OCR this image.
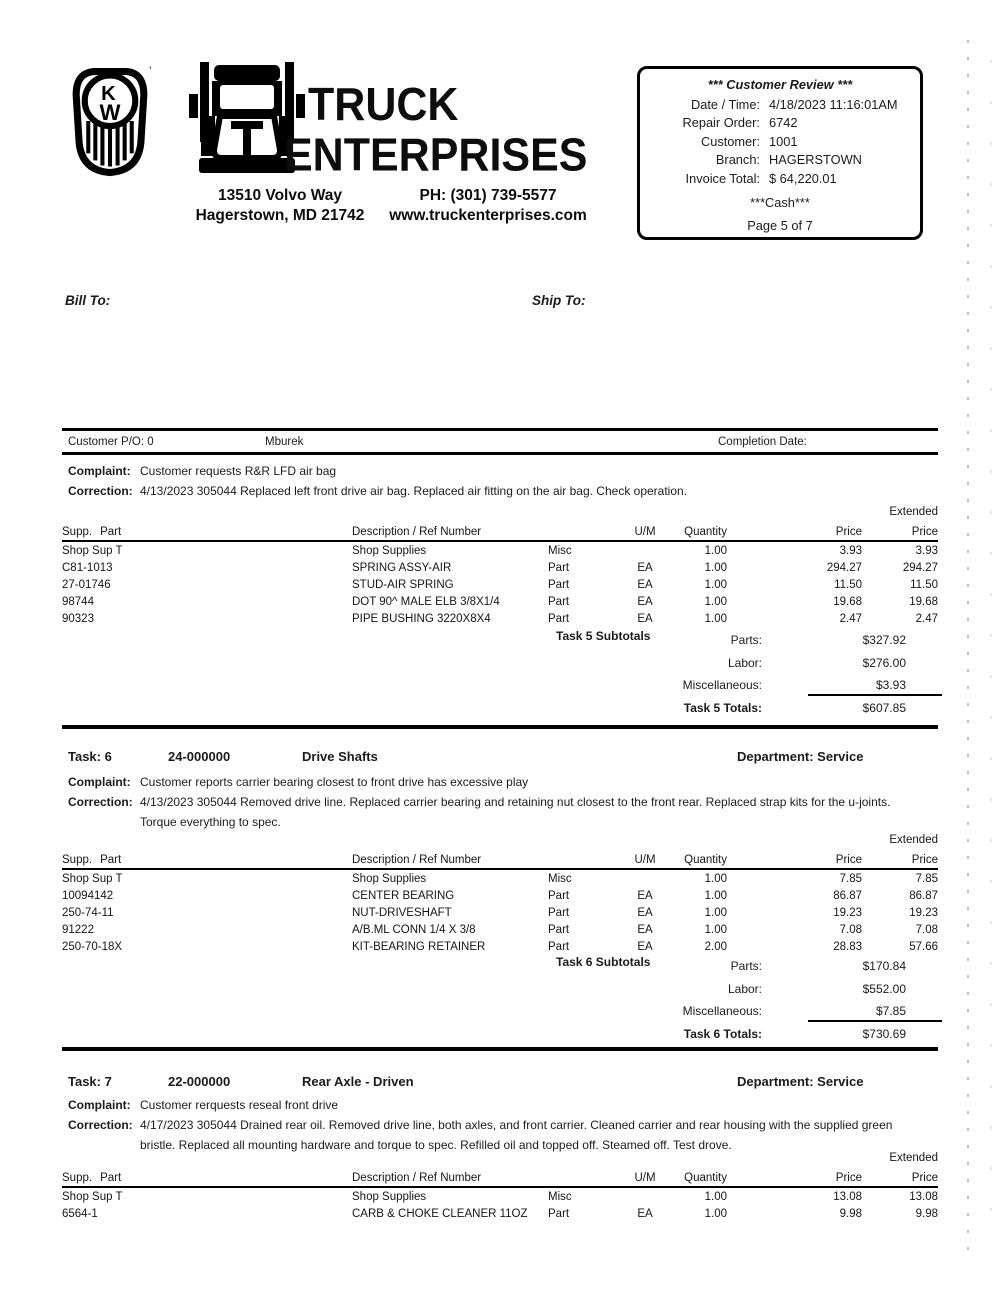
K
W
’
TRUCK
ENTERPRISES
13510 Volvo Way
Hagerstown, MD 21742
PH: (301) 739-5577
www.truckenterprises.com
*** Customer Review ***
Date / Time: 4/18/2023 11:16:01AM
Repair Order: 6742
Customer: 1001
Branch: HAGERSTOWN
Invoice Total: $ 64,220.01
***Cash***
Page 5 of 7
Bill To:	Ship To:
Customer P/O: 0	Mburek	Completion Date:
Complaint: Customer requests R&R LFD air bag
Correction: 4/13/2023 305044 Replaced left front drive air bag. Replaced air fitting on the air bag. Check operation.
						Extended
Supp. Part	Description / Ref Number		U/M	Quantity	Price	Price
Shop Sup T	Shop Supplies	Misc		1.00	3.93	3.93
C81-1013	SPRING ASSY-AIR	Part	EA	1.00	294.27	294.27
27-01746	STUD-AIR SPRING	Part	EA	1.00	11.50	11.50
98744	DOT 90^ MALE ELB 3/8X1/4	Part	EA	1.00	19.68	19.68
90323	PIPE BUSHING 3220X8X4	Part	EA	1.00	2.47	2.47
Task 5 Subtotals	Parts:	$327.92
Labor:	$276.00
Miscellaneous:	$3.93
Task 5 Totals:	$607.85
Task: 6	24-000000	Drive Shafts	Department: Service
Complaint: Customer reports carrier bearing closest to front drive has excessive play
Correction: 4/13/2023 305044 Removed drive line. Replaced carrier bearing and retaining nut closest to the front rear. Replaced strap kits for the u-joints. Torque everything to spec.
						Extended
Supp. Part	Description / Ref Number		U/M	Quantity	Price	Price
Shop Sup T	Shop Supplies	Misc		1.00	7.85	7.85
10094142	CENTER BEARING	Part	EA	1.00	86.87	86.87
250-74-11	NUT-DRIVESHAFT	Part	EA	1.00	19.23	19.23
91222	A/B.ML CONN 1/4 X 3/8	Part	EA	1.00	7.08	7.08
250-70-18X	KIT-BEARING RETAINER	Part	EA	2.00	28.83	57.66
Task 6 Subtotals	Parts:	$170.84
Labor:	$552.00
Miscellaneous:	$7.85
Task 6 Totals:	$730.69
Task: 7	22-000000	Rear Axle - Driven	Department: Service
Complaint: Customer rerquests reseal front drive
Correction: 4/17/2023 305044 Drained rear oil. Removed drive line, both axles, and front carrier. Cleaned carrier and rear housing with the supplied green bristle. Replaced all mounting hardware and torque to spec. Refilled oil and topped off. Steamed off. Test drove.
						Extended
Supp. Part	Description / Ref Number		U/M	Quantity	Price	Price
Shop Sup T	Shop Supplies	Misc		1.00	13.08	13.08
6564-1	CARB & CHOKE CLEANER 11OZ	Part	EA	1.00	9.98	9.98
